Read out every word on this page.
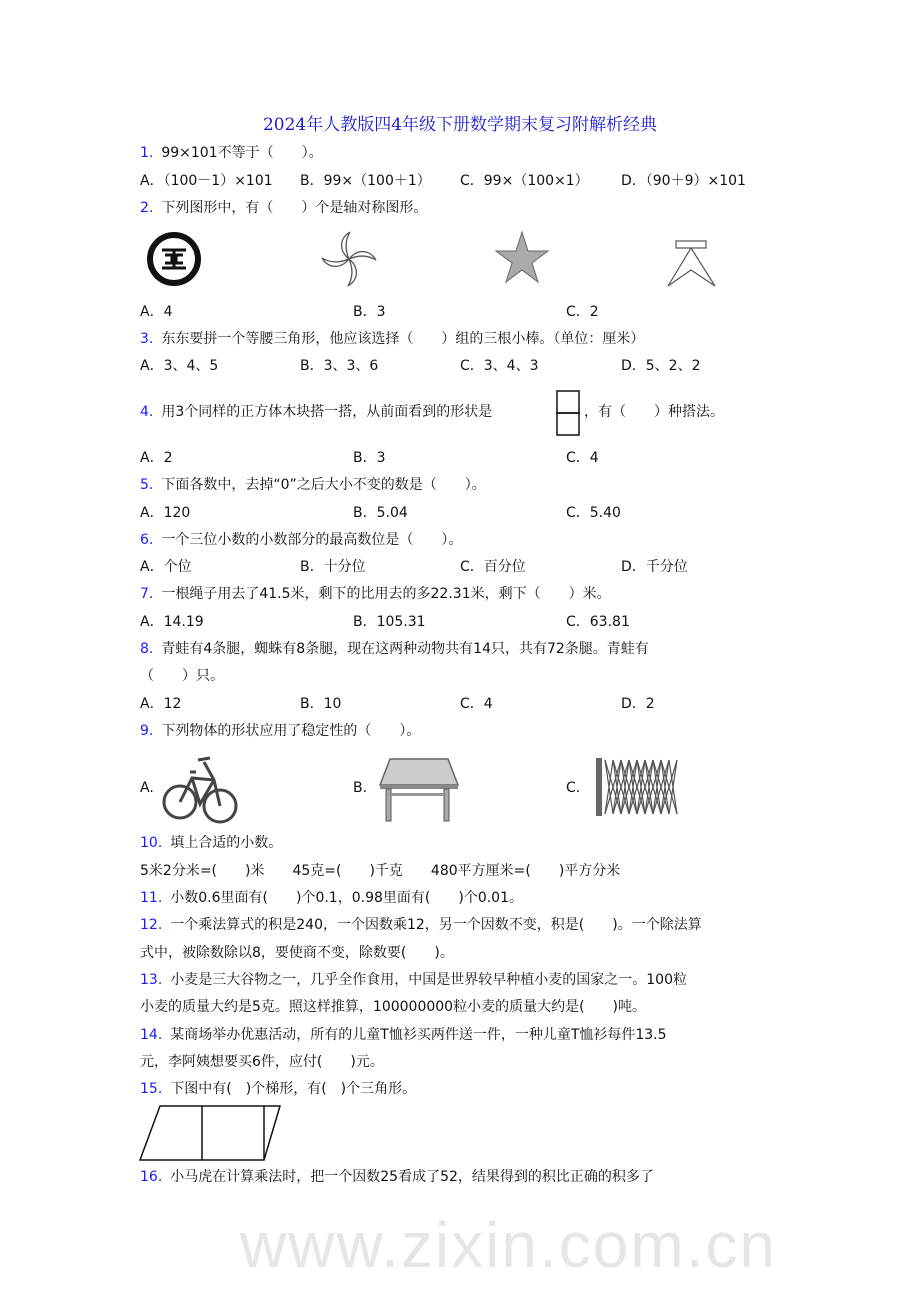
www.zixin.com.cn
2024年人教版四4年级下册数学期末复习附解析经典
1. 99×101不等于（　　）。
A．（100－1）×101 B．99×（100＋1） C．99×（100×1） D．（90＋9）×101
2. 下列图形中，有（　　）个是轴对称图形。
A．4	B．3	C．2
3. 东东要拼一个等腰三角形，他应该选择（　　）组的三根小棒。（单位：厘米）
A．3、4、5	B．3、3、6	C．3、4、3	D．5、2、2
4. 用3个同样的正方体木块搭一搭，从前面看到的形状是	，有（　　）种搭法。
A．2	B．3	C．4
5. 下面各数中，去掉“0”之后大小不变的数是（　　）。
A．120	B．5.04	C．5.40
6. 一个三位小数的小数部分的最高数位是（　　）。
A．个位	B．十分位	C．百分位	D．千分位
7. 一根绳子用去了41.5米，剩下的比用去的多22.31米，剩下（　　）米。
A．14.19	B．105.31	C．63.81
8. 青蛙有4条腿，蜘蛛有8条腿，现在这两种动物共有14只，共有72条腿。青蛙有
（　　）只。
A．12	B．10	C．4	D．2
9. 下列物体的形状应用了稳定性的（　　）。
A.	B.	C.
10. 填上合适的小数。
5米2分米=(　　)米　　45克=(　　)千克　　480平方厘米=(　　)平方分米
11. 小数0.6里面有(　　)个0.1，0.98里面有(　　)个0.01。
12. 一个乘法算式的积是240，一个因数乘12，另一个因数不变，积是(　　)。一个除法算
式中，被除数除以8，要使商不变，除数要(　　)。
13. 小麦是三大谷物之一，几乎全作食用，中国是世界较早种植小麦的国家之一。100粒
小麦的质量大约是5克。照这样推算，100000000粒小麦的质量大约是(　　)吨。
14. 某商场举办优惠活动，所有的儿童T恤衫买两件送一件，一种儿童T恤衫每件13.5
元，李阿姨想要买6件，应付(　　)元。
15. 下图中有(　)个梯形，有(　)个三角形。
16. 小马虎在计算乘法时，把一个因数25看成了52，结果得到的积比正确的积多了
